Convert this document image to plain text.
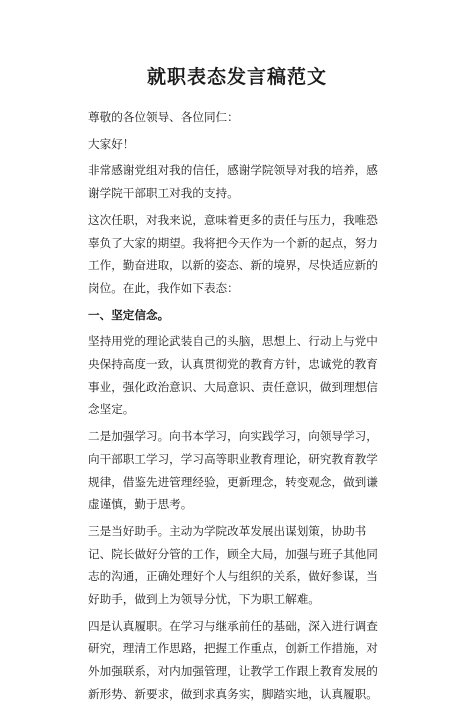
就职表态发言稿范文

尊敬的各位领导、各位同仁：

大家好！

非常感谢党组对我的信任，感谢学院领导对我的培养，感谢学院干部职工对我的支持。

这次任职，对我来说，意味着更多的责任与压力，我唯恐辜负了大家的期望。我将把今天作为一个新的起点，努力工作，勤奋进取，以新的姿态、新的境界，尽快适应新的岗位。在此，我作如下表态：

一、坚定信念。

坚持用党的理论武装自己的头脑，思想上、行动上与党中央保持高度一致，认真贯彻党的教育方针，忠诚党的教育事业，强化政治意识、大局意识、责任意识，做到理想信念坚定。

二是加强学习。向书本学习，向实践学习，向领导学习，向干部职工学习，学习高等职业教育理论，研究教育教学规律，借鉴先进管理经验，更新理念，转变观念，做到谦虚谨慎，勤于思考。

三是当好助手。主动为学院改革发展出谋划策，协助书记、院长做好分管的工作，顾全大局，加强与班子其他同志的沟通，正确处理好个人与组织的关系，做好参谋，当好助手，做到上为领导分忧，下为职工解难。

四是认真履职。在学习与继承前任的基础，深入进行调查研究，理清工作思路，把握工作重点，创新工作措施，对外加强联系，对内加强管理，让教学工作跟上教育发展的新形势、新要求，做到求真务实，脚踏实地，认真履职。
